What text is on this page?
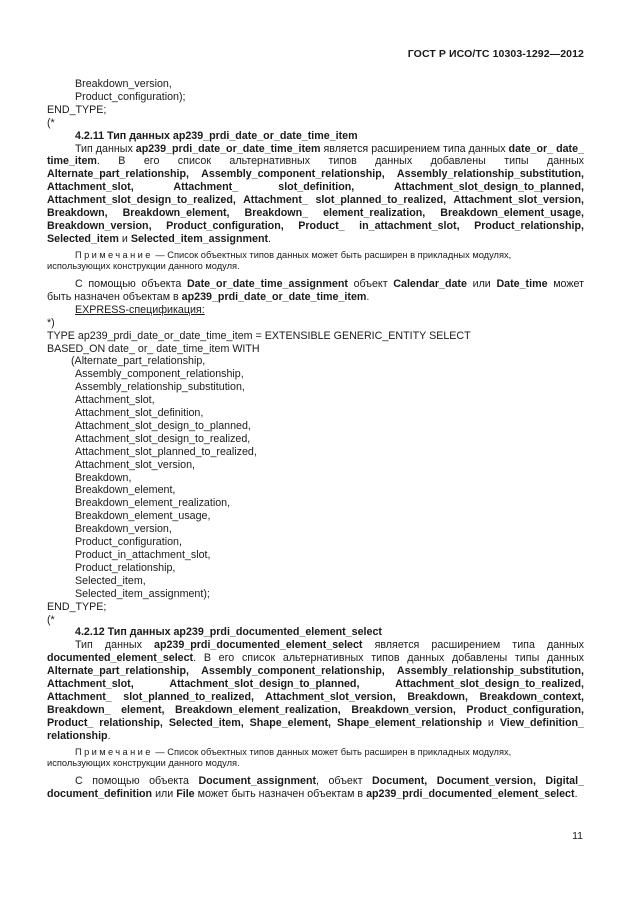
ГОСТ Р ИСО/ТС 10303-1292—2012

Breakdown_version,

Product_configuration);

END_TYPE;

(*

4.2.11 Тип данных ap239_prdi_date_or_date_time_item

Тип данных ap239_prdi_date_or_date_time_item является расширением типа данных date_or_ date_

time_item. В его список альтернативных типов данных добавлены типы данных Alternate_part_relationship, Assembly_component_relationship, Assembly_relationship_substitution, Attachment_slot, Attachment_ slot_definition, Attachment_slot_design_to_planned, Attachment_slot_design_to_realized, Attachment_ slot_planned_to_realized, Attachment_slot_version, Breakdown, Breakdown_element, Breakdown_ element_realization, Breakdown_element_usage, Breakdown_version, Product_configuration, Product_ in_attachment_slot, Product_relationship, Selected_item и Selected_item_assignment.

Примечание — Список объектных типов данных может быть расширен в прикладных модулях,

использующих конструкции данного модуля.

С помощью объекта Date_or_date_time_assignment объект Calendar_date или Date_time может

быть назначен объектам в ap239_prdi_date_or_date_time_item.

EXPRESS-спецификация:

*)

TYPE ap239_prdi_date_or_date_time_item = EXTENSIBLE GENERIC_ENTITY SELECT

BASED_ON date_ or_ date_time_item WITH

(Alternate_part_relationship,

Assembly_component_relationship,

Assembly_relationship_substitution,

Attachment_slot,

Attachment_slot_definition,

Attachment_slot_design_to_planned,

Attachment_slot_design_to_realized,

Attachment_slot_planned_to_realized,

Attachment_slot_version,

Breakdown,

Breakdown_element,

Breakdown_element_realization,

Breakdown_element_usage,

Breakdown_version,

Product_configuration,

Product_in_attachment_slot,

Product_relationship,

Selected_item,

Selected_item_assignment);

END_TYPE;

(*

4.2.12 Тип данных ap239_prdi_documented_element_select

Тип данных ap239_prdi_documented_element_select является расширением типа данных

documented_element_select. В его список альтернативных типов данных добавлены типы данных Alternate_part_relationship, Assembly_component_relationship, Assembly_relationship_substitution, Attachment_slot, Attachment_slot_design_to_planned, Attachment_slot_design_to_realized, Attachment_ slot_planned_to_realized, Attachment_slot_version, Breakdown, Breakdown_context, Breakdown_ element, Breakdown_element_realization, Breakdown_version, Product_configuration, Product_ relationship, Selected_item, Shape_element, Shape_element_relationship и View_definition_ relationship.

Примечание — Список объектных типов данных может быть расширен в прикладных модулях,

использующих конструкции данного модуля.

С помощью объекта Document_assignment, объект Document, Document_version, Digital_

document_definition или File может быть назначен объектам в ap239_prdi_documented_element_select.

11
